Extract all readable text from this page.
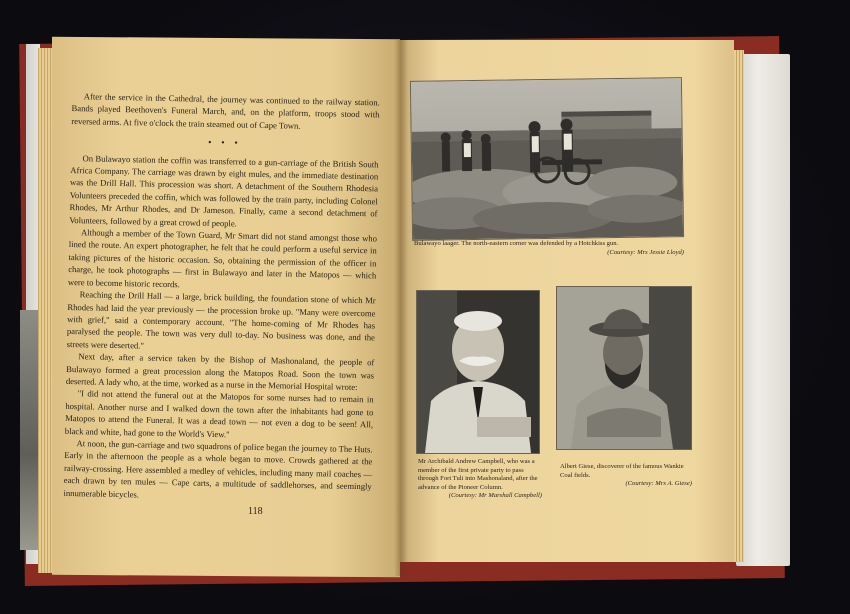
After the service in the Cathedral, the journey was continued to the railway station. Bands played Beethoven's Funeral March, and, on the platform, troops stood with reversed arms. At five o'clock the train steamed out of Cape Town.

• • •

On Bulawayo station the coffin was transferred to a gun-carriage of the British South Africa Company. The carriage was drawn by eight mules, and the immediate destination was the Drill Hall. This procession was short. A detachment of the Southern Rhodesia Volunteers preceded the coffin, which was followed by the train party, including Colonel Rhodes, Mr Arthur Rhodes, and Dr Jameson. Finally, came a second detachment of Volunteers, followed by a great crowd of people.

Although a member of the Town Guard, Mr Smart did not stand amongst those who lined the route. An expert photographer, he felt that he could perform a useful service in taking pictures of the historic occasion. So, obtaining the permission of the officer in charge, he took photographs — first in Bulawayo and later in the Matopos — which were to become historic records.

Reaching the Drill Hall — a large, brick building, the foundation stone of which Mr Rhodes had laid the year previously — the procession broke up. "Many were overcome with grief," said a contemporary account. "The home-coming of Mr Rhodes has paralysed the people. The town was very dull to-day. No business was done, and the streets were deserted."

Next day, after a service taken by the Bishop of Mashonaland, the people of Bulawayo formed a great procession along the Matopos Road. Soon the town was deserted. A lady who, at the time, worked as a nurse in the Memorial Hospital wrote:

"I did not attend the funeral out at the Matopos for some nurses had to remain in hospital. Another nurse and I walked down the town after the inhabitants had gone to Matopos to attend the Funeral. It was a dead town — not even a dog to be seen! All, black and white, had gone to the World's View."

At noon, the gun-carriage and two squadrons of police began the journey to The Huts. Early in the afternoon the people as a whole began to move. Crowds gathered at the railway-crossing. Here assembled a medley of vehicles, including many mail coaches — each drawn by ten mules — Cape carts, a multitude of saddlehorses, and seemingly innumerable bicycles.

118
Bulawayo laager. The north-eastern corner was defended by a Hotchkiss gun.
(Courtesy: Mrs Jessie Lloyd)
Mr Archibald Andrew Campbell, who was a member of the first private party to pass through Fort Tuli into Mashonaland, after the advance of the Pioneer Column.
(Courtesy: Mr Marshall Campbell)
Albert Giese, discoverer of the famous Wankie Coal fields.
(Courtesy: Mrs A. Giese)
